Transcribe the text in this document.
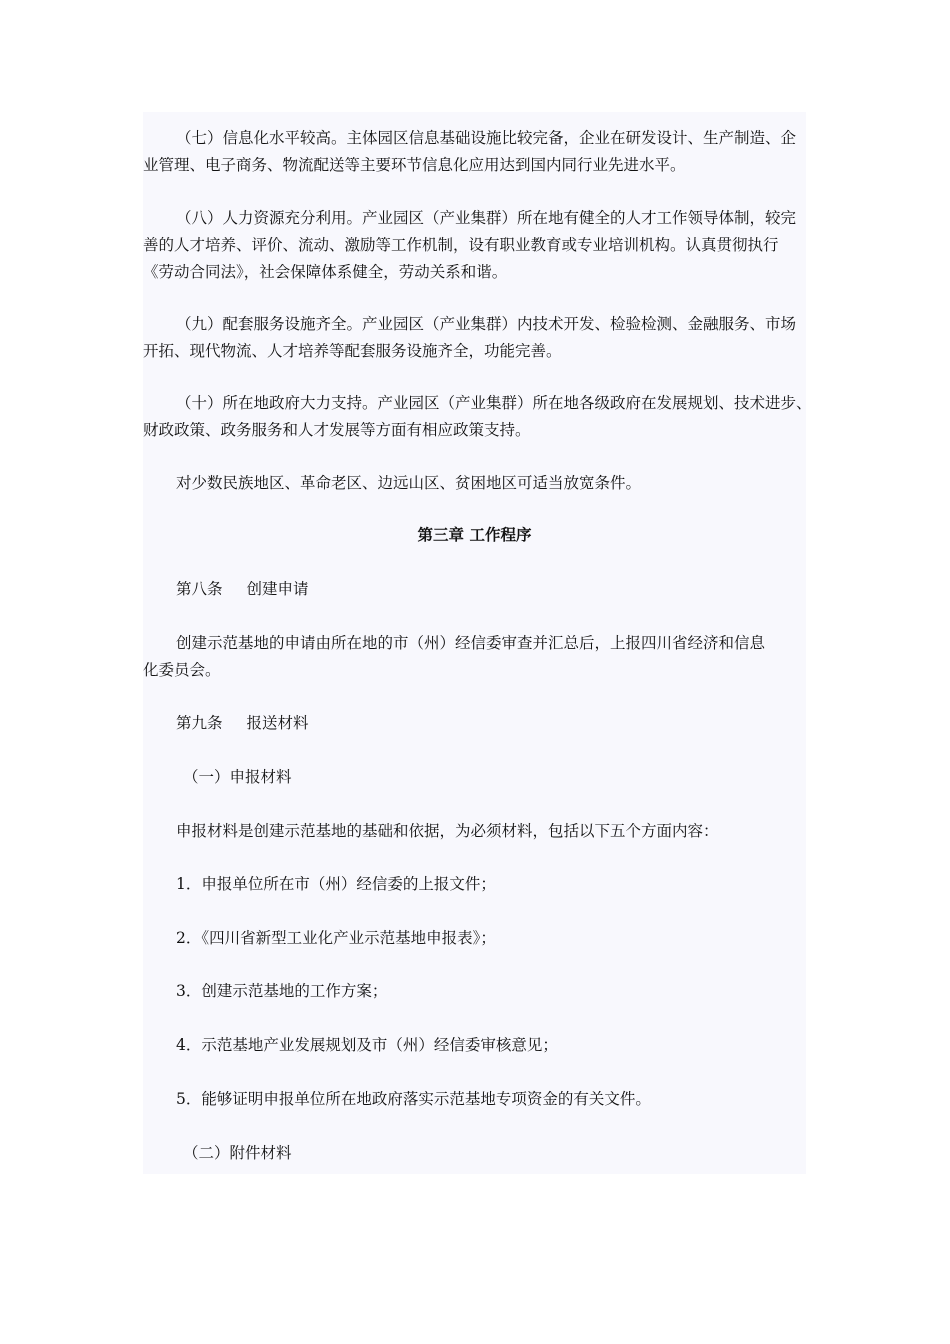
（七）信息化水平较高。主体园区信息基础设施比较完备，企业在研发设计、生产制造、企

业管理、电子商务、物流配送等主要环节信息化应用达到国内同行业先进水平。

（八）人力资源充分利用。产业园区（产业集群）所在地有健全的人才工作领导体制，较完

善的人才培养、评价、流动、激励等工作机制，设有职业教育或专业培训机构。认真贯彻执行

《劳动合同法》，社会保障体系健全，劳动关系和谐。

（九）配套服务设施齐全。产业园区（产业集群）内技术开发、检验检测、金融服务、市场

开拓、现代物流、人才培养等配套服务设施齐全，功能完善。

（十）所在地政府大力支持。产业园区（产业集群）所在地各级政府在发展规划、技术进步、

财政政策、政务服务和人才发展等方面有相应政策支持。

对少数民族地区、革命老区、边远山区、贫困地区可适当放宽条件。

第三章 工作程序

第八条 创建申请

创建示范基地的申请由所在地的市（州）经信委审查并汇总后，上报四川省经济和信息

化委员会。

第九条 报送材料

（一）申报材料

申报材料是创建示范基地的基础和依据，为必须材料，包括以下五个方面内容：

1．申报单位所在市（州）经信委的上报文件；

2．《四川省新型工业化产业示范基地申报表》；

3．创建示范基地的工作方案；

4．示范基地产业发展规划及市（州）经信委审核意见；

5．能够证明申报单位所在地政府落实示范基地专项资金的有关文件。

（二）附件材料
